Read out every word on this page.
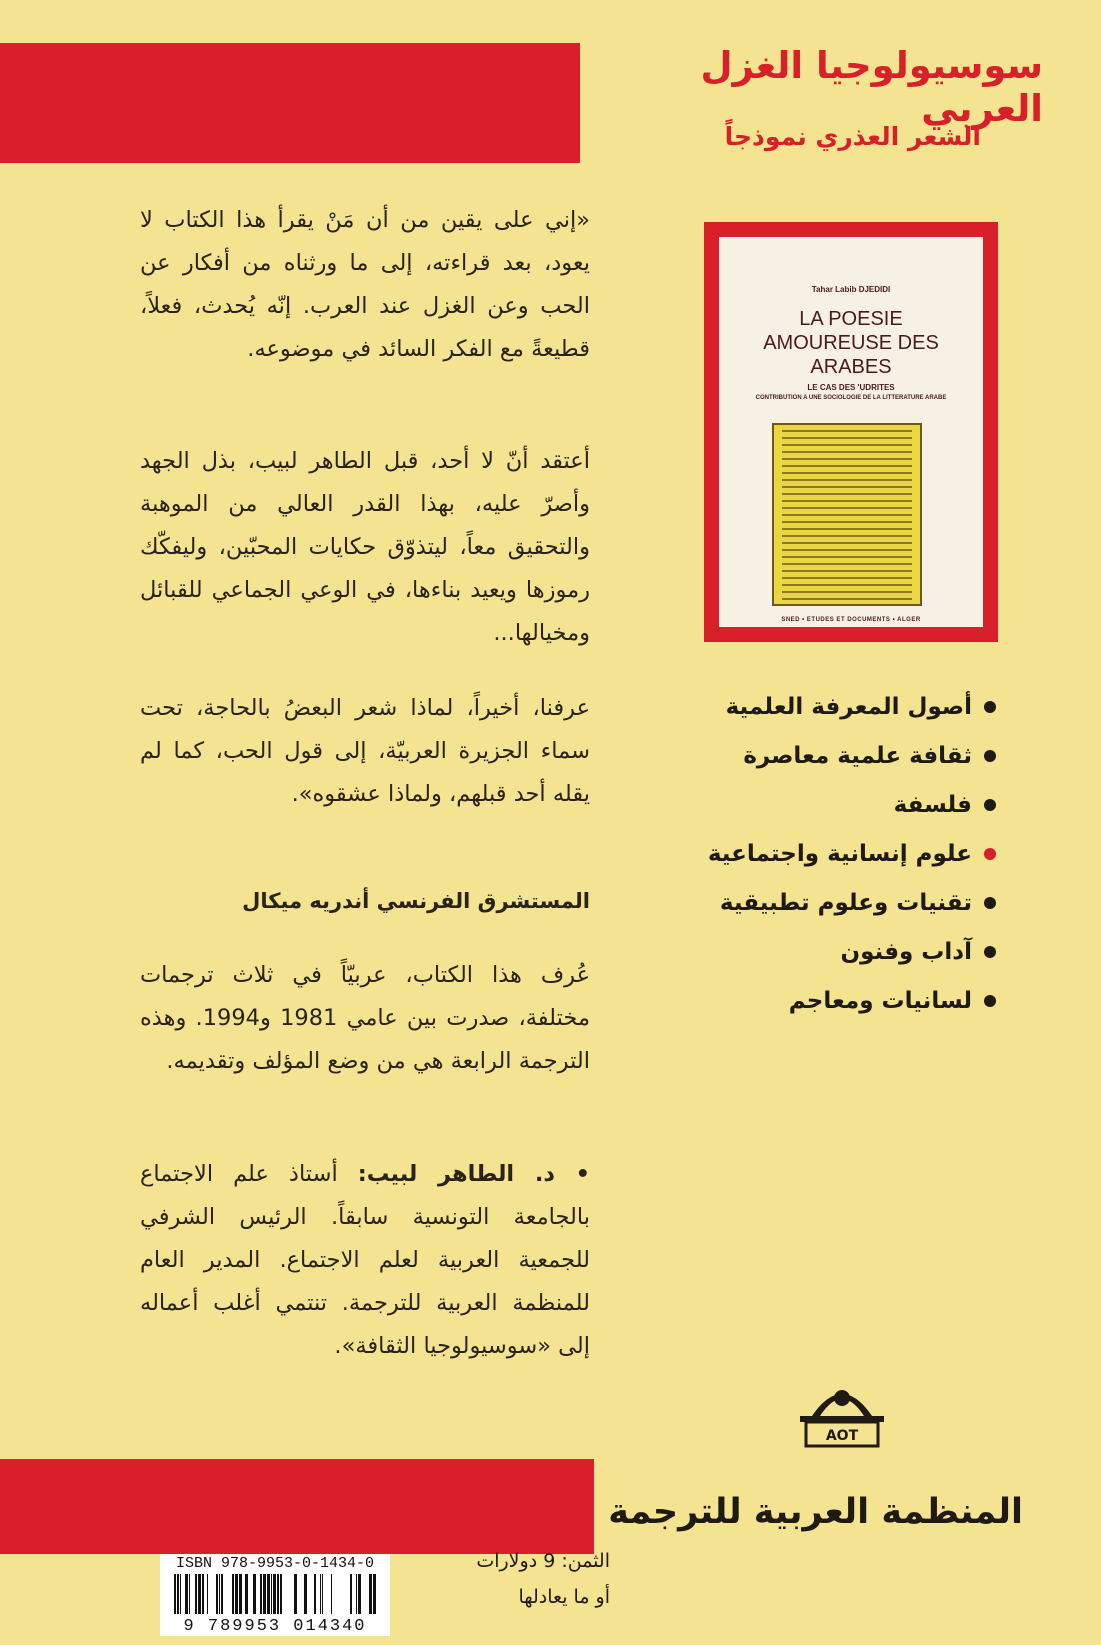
سوسيولوجيا الغزل العربي
الشعر العذري نموذجاً
«إني على يقين من أن مَنْ يقرأ هذا الكتاب لا يعود، بعد قراءته، إلى ما ورثناه من أفكار عن الحب وعن الغزل عند العرب. إنّه يُحدث، فعلاً، قطيعةً مع الفكر السائد في موضوعه.
أعتقد أنّ لا أحد، قبل الطاهر لبيب، بذل الجهد وأصرّ عليه، بهذا القدر العالي من الموهبة والتحقيق معاً، ليتذوّق حكايات المحبّين، وليفكّك رموزها ويعيد بناءها، في الوعي الجماعي للقبائل ومخيالها...
عرفنا، أخيراً، لماذا شعر البعضُ بالحاجة، تحت سماء الجزيرة العربيّة، إلى قول الحب، كما لم يقله أحد قبلهم، ولماذا عشقوه».
المستشرق الفرنسي أندريه ميكال
عُرف هذا الكتاب، عربيّاً في ثلاث ترجمات مختلفة، صدرت بين عامي 1981 و1994. وهذه الترجمة الرابعة هي من وضع المؤلف وتقديمه.
• د. الطاهر لبيب: أستاذ علم الاجتماع بالجامعة التونسية سابقاً. الرئيس الشرفي للجمعية العربية لعلم الاجتماع. المدير العام للمنظمة العربية للترجمة. تنتمي أغلب أعماله إلى «سوسيولوجيا الثقافة».
Tahar Labib DJEDIDI
LA POESIE
AMOUREUSE DES
ARABES
LE CAS DES 'UDRITES
CONTRIBUTION A UNE SOCIOLOGIE DE LA LITTERATURE ARABE
SNED • ETUDES ET DOCUMENTS • ALGER
أصول المعرفة العلمية
ثقافة علمية معاصرة
فلسفة
علوم إنسانية واجتماعية
تقنيات وعلوم تطبيقية
آداب وفنون
لسانيات ومعاجم
AOT
المنظمة العربية للترجمة
ISBN 978-9953-0-1434-0
9 789953 014340
الثمن: 9 دولارات
أو ما يعادلها
